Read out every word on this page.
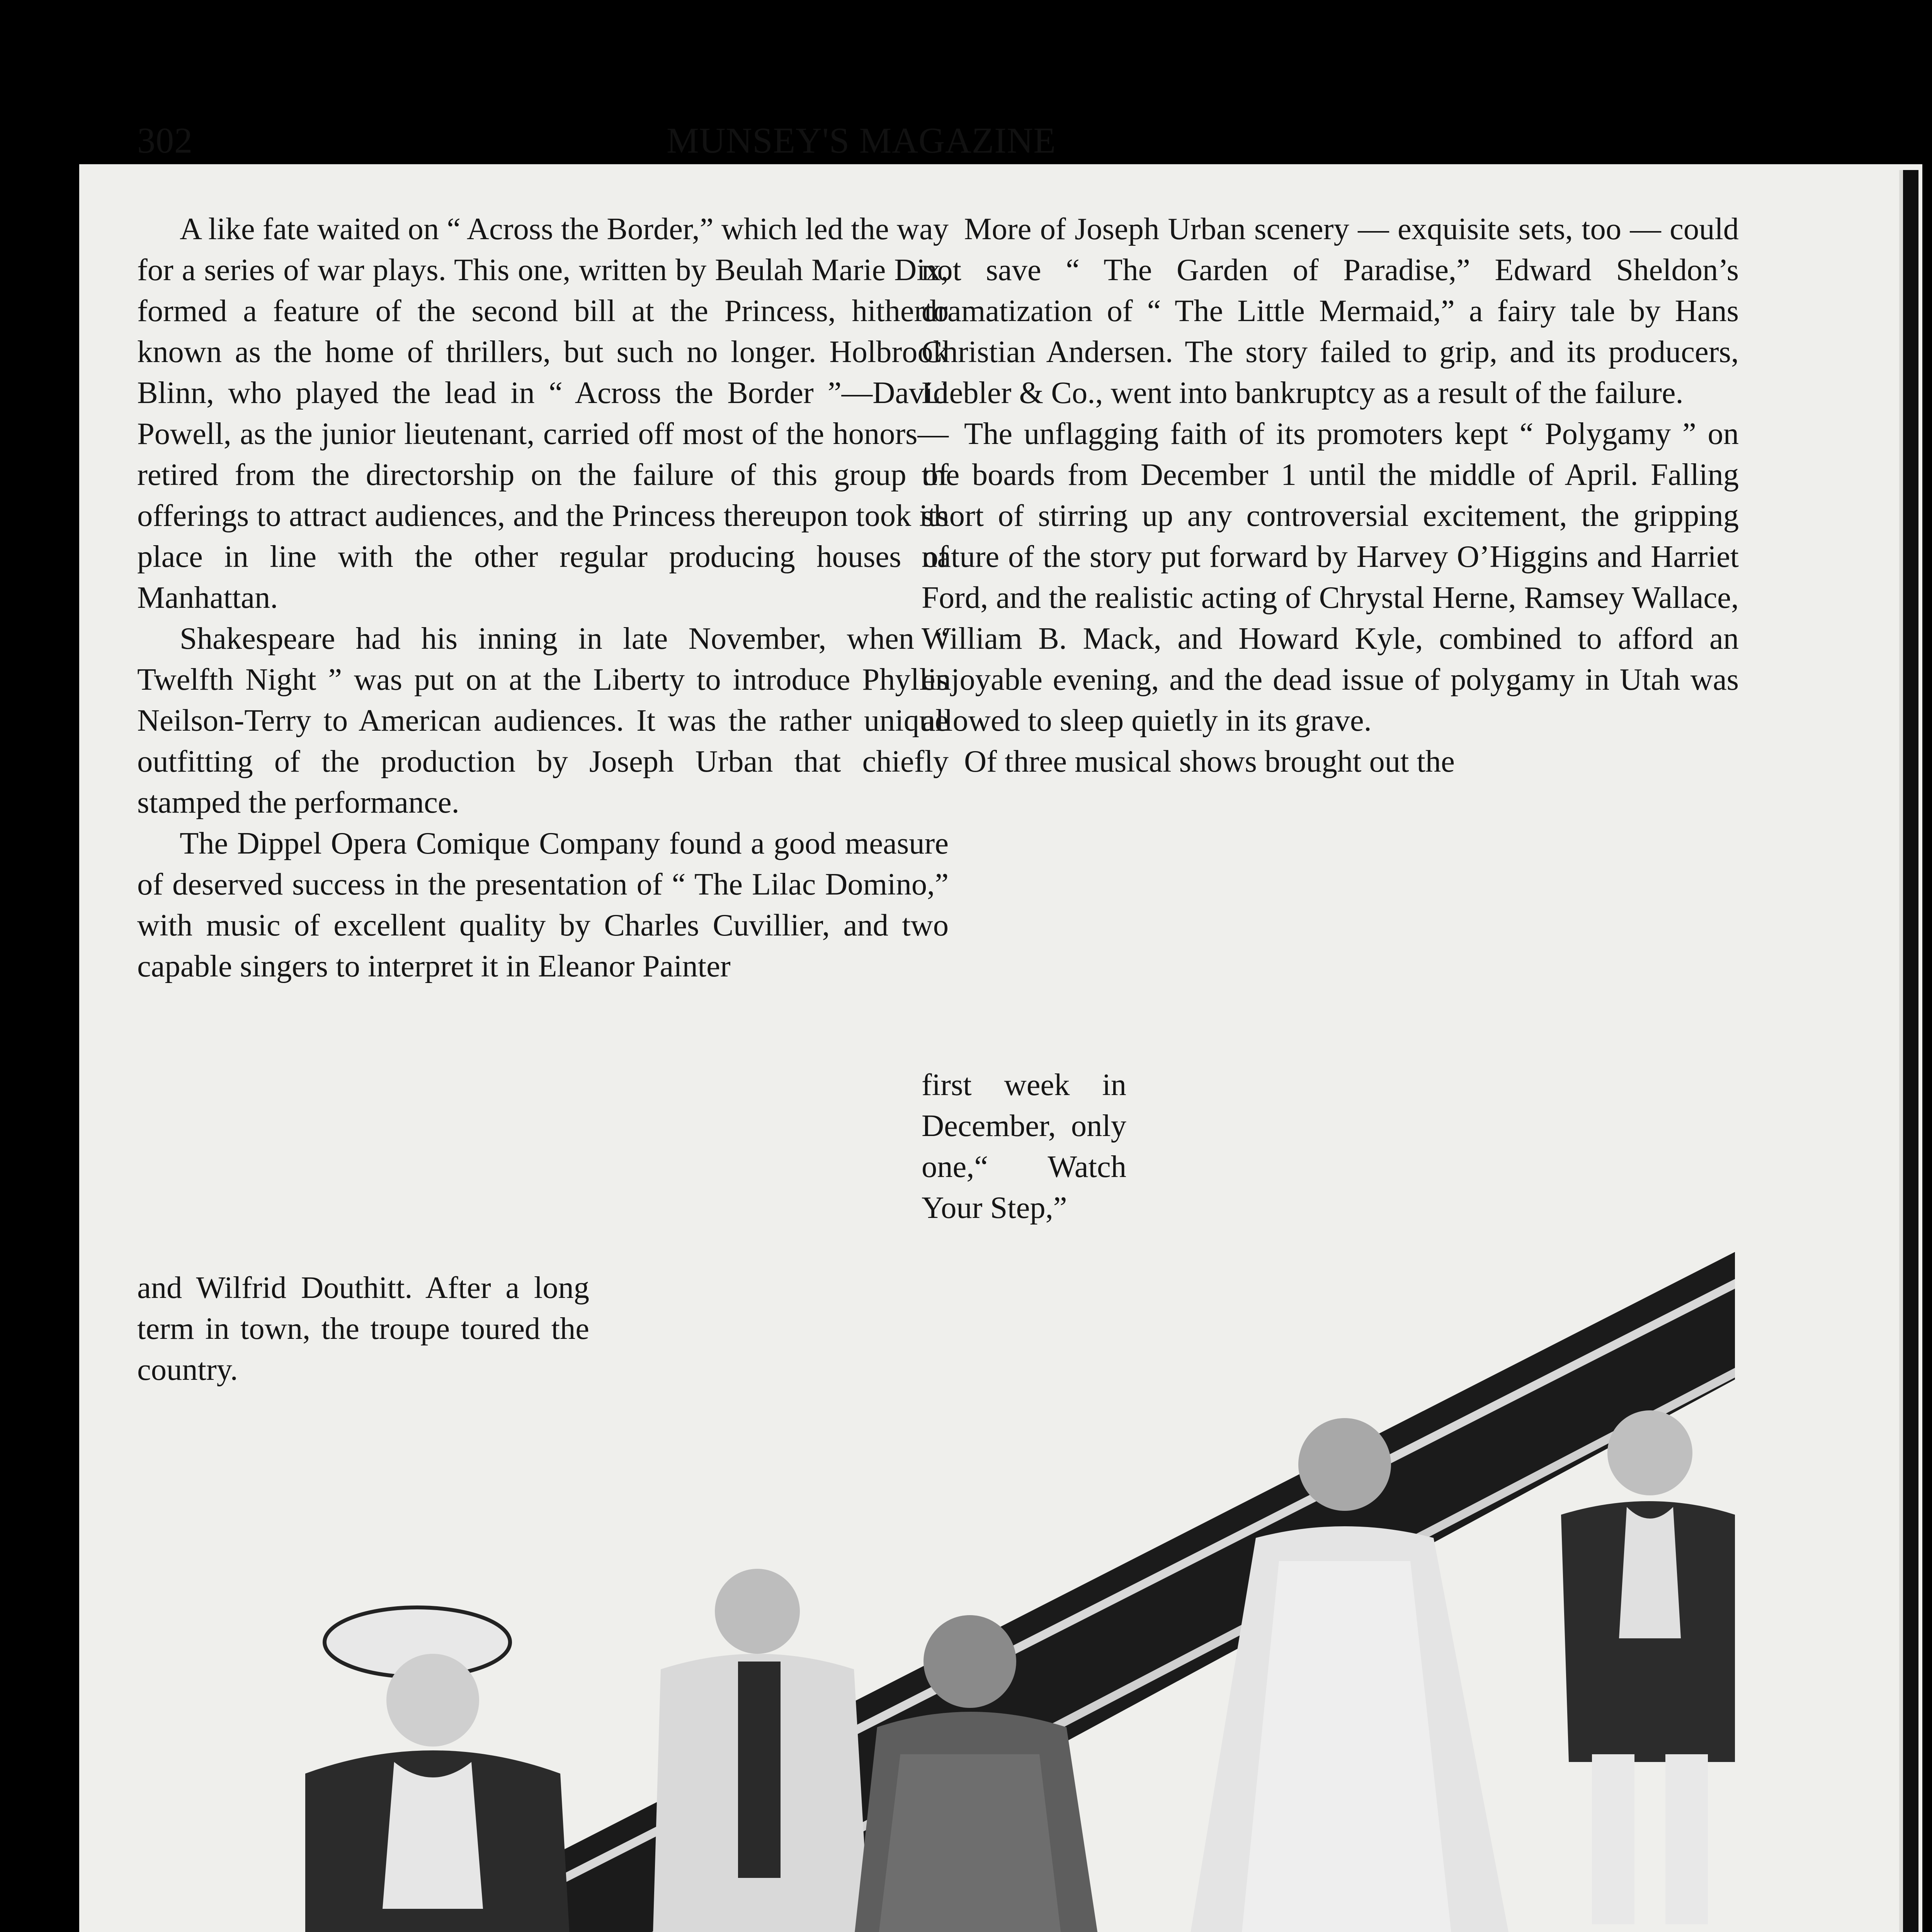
302	MUNSEY'S MAGAZINE

A like fate waited on “ Across the Border,” which led the way for a series of war plays. This one, written by Beulah Marie Dix, formed a feature of the second bill at the Princess, hitherto known as the home of thrillers, but such no longer. Holbrook Blinn, who played the lead in “ Across the Border ”—David Powell, as the junior lieutenant, carried off most of the honors—retired from the directorship on the failure of this group of offerings to attract audiences, and the Princess thereupon took its place in line with the other regular producing houses of Manhattan.

Shakespeare had his inning in late November, when “ Twelfth Night ” was put on at the Liberty to introduce Phyllis Neilson-Terry to American audiences. It was the rather unique outfitting of the production by Joseph Urban that chiefly stamped the performance.

The Dippel Opera Comique Company found a good measure of deserved success in the presentation of “ The Lilac Domino,” with music of excellent quality by Charles Cuvillier, and two capable singers to interpret it in Eleanor Painter

and Wilfrid Douthitt. After a long term in town, the troupe toured the country.

More of Joseph Urban scenery — exquisite sets, too — could not save “ The Garden of Paradise,” Edward Sheldon’s dramatization of “ The Little Mermaid,” a fairy tale by Hans Christian Andersen. The story failed to grip, and its producers, Liebler & Co., went into bankruptcy as a result of the failure.

The unflagging faith of its promoters kept “ Polygamy ” on the boards from December 1 until the middle of April. Falling short of stirring up any controversial excitement, the gripping nature of the story put forward by Harvey O’Higgins and Harriet Ford, and the realistic acting of Chrystal Herne, Ramsey Wallace, William B. Mack, and Howard Kyle, combined to afford an enjoyable evening, and the dead issue of polygamy in Utah was allowed to sleep quietly in its grave.

Of three musical shows brought out the

first week in December, only one,“ Watch Your Step,”
